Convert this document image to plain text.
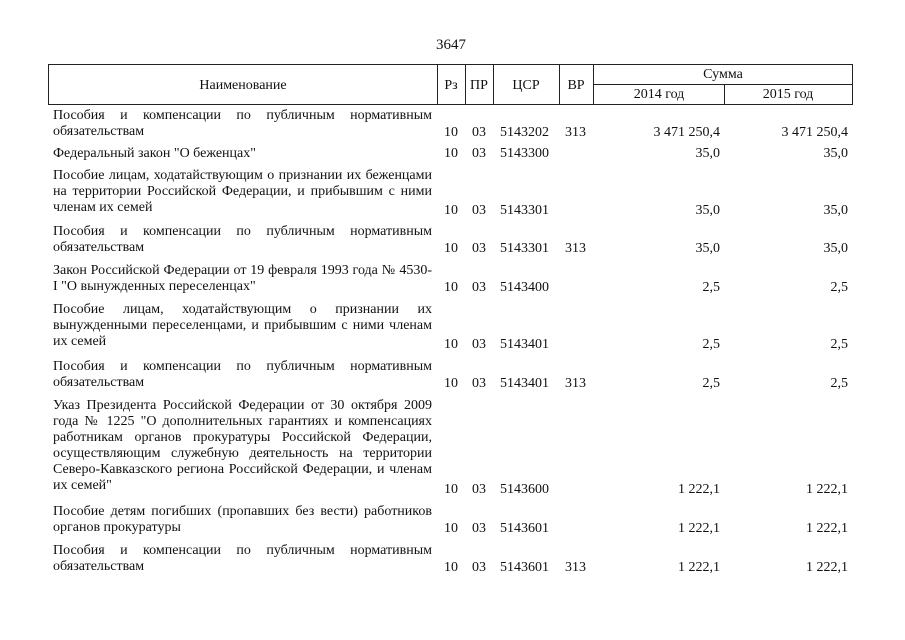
3647
Наименование	Рз ПР ЦСР ВР
Сумма
2014 год	2015 год
Пособия и компенсации по публичным нормативным обязательствам	10 03 5143202 313	3 471 250,4	3 471 250,4
Федеральный закон "О беженцах"	10 03 5143300	35,0	35,0
Пособие лицам, ходатайствующим о признании их беженцами на территории Российской Федерации, и прибывшим с ними членам их семей	10 03 5143301	35,0	35,0
Пособия и компенсации по публичным нормативным обязательствам	10 03 5143301 313	35,0	35,0
Закон Российской Федерации от 19 февраля 1993 года № 4530-I "О вынужденных переселенцах"	10 03 5143400	2,5	2,5
Пособие лицам, ходатайствующим о признании их вынужденными переселенцами, и прибывшим с ними членам их семей	10 03 5143401	2,5	2,5
Пособия и компенсации по публичным нормативным обязательствам	10 03 5143401 313	2,5	2,5
Указ Президента Российской Федерации от 30 октября 2009 года № 1225 "О дополнительных гарантиях и компенсациях работникам органов прокуратуры Российской Федерации, осуществляющим служебную деятельность на территории Северо-Кавказского региона Российской Федерации, и членам их семей"	10 03 5143600	1 222,1	1 222,1
Пособие детям погибших (пропавших без вести) работников органов прокуратуры	10 03 5143601	1 222,1	1 222,1
Пособия и компенсации по публичным нормативным обязательствам	10 03 5143601 313	1 222,1	1 222,1
